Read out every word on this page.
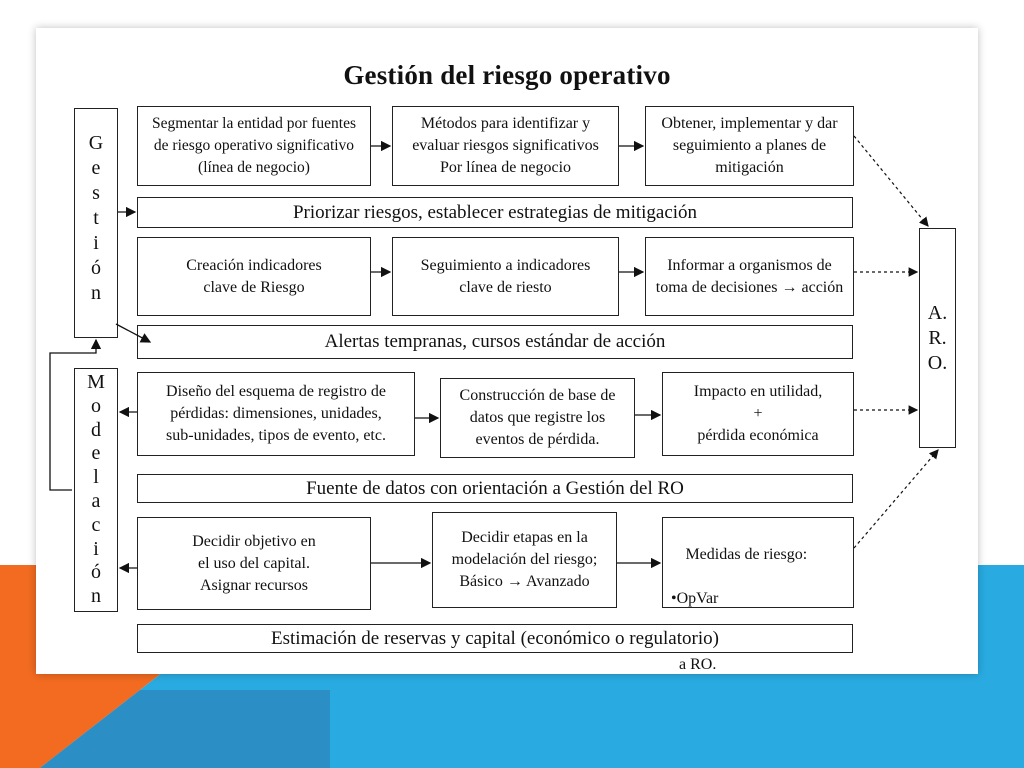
Gestión del riesgo operativo
G
e
s
t
i
ó
n
M
o
d
e
l
a
c
i
ó
n
A.
R.
O.
Segmentar la entidad por fuentes
de riesgo operativo significativo
(línea de negocio)
Métodos para identifizar y
evaluar riesgos significativos
Por línea de negocio
Obtener, implementar y dar
seguimiento a planes de
mitigación
Priorizar riesgos, establecer estrategias de mitigación
Creación indicadores
clave de Riesgo
Seguimiento a indicadores
clave de riesto
Informar a organismos de
toma de decisiones → acción
Alertas tempranas, cursos estándar de acción
Diseño del esquema de registro de
pérdidas: dimensiones, unidades,
sub-unidades, tipos de evento, etc.
Construcción de base de
datos que registre los
eventos de pérdida.
Impacto en utilidad,
+
pérdida económica
Fuente de datos con orientación a Gestión del RO
Decidir objetivo en
el uso del capital.
Asignar recursos
Decidir etapas en la
modelación del riesgo;
Básico → Avanzado

Medidas de riesgo:

•OpVar

a RO.

Estimación de reservas y capital (económico o regulatorio)
